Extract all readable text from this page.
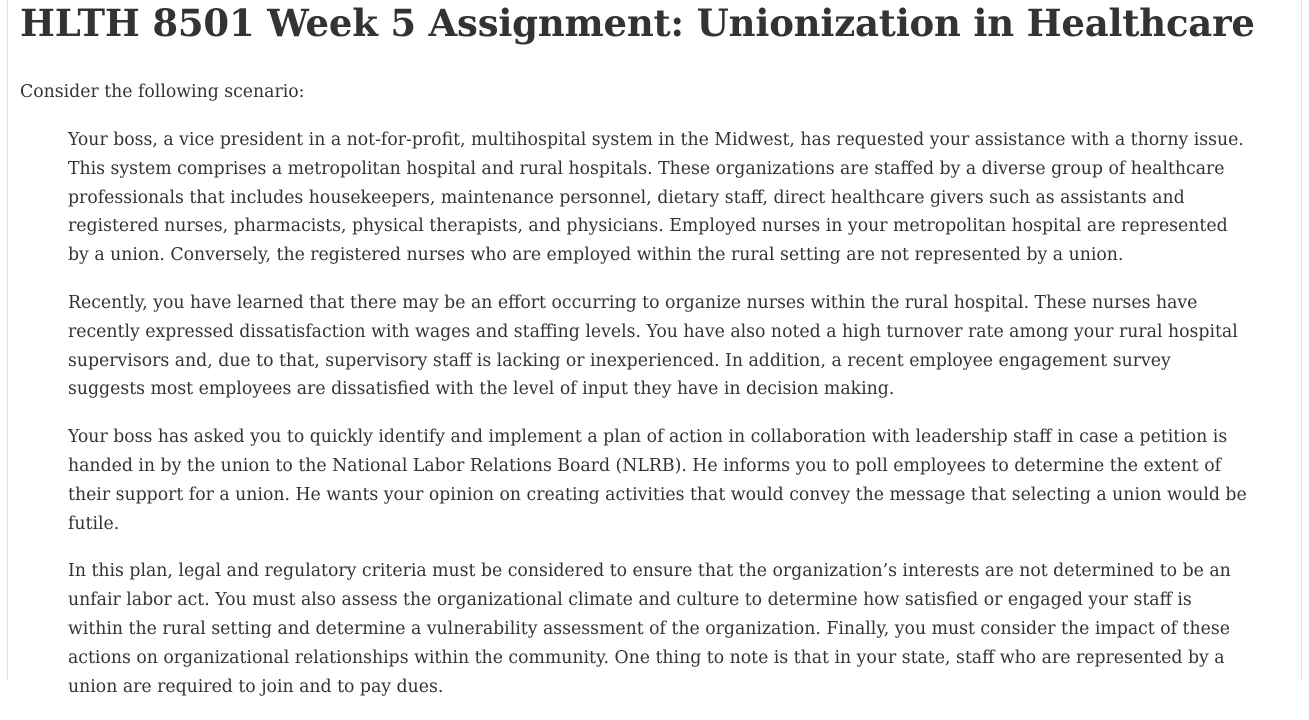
HLTH 8501 Week 5 Assignment: Unionization in Healthcare

Consider the following scenario:

Your boss, a vice president in a not-for-profit, multihospital system in the Midwest, has requested your assistance with a thorny issue. This system comprises a metropolitan hospital and rural hospitals. These organizations are staffed by a diverse group of healthcare professionals that includes housekeepers, maintenance personnel, dietary staff, direct healthcare givers such as assistants and registered nurses, pharmacists, physical therapists, and physicians. Employed nurses in your metropolitan hospital are represented by a union. Conversely, the registered nurses who are employed within the rural setting are not represented by a union.

Recently, you have learned that there may be an effort occurring to organize nurses within the rural hospital. These nurses have recently expressed dissatisfaction with wages and staffing levels. You have also noted a high turnover rate among your rural hospital supervisors and, due to that, supervisory staff is lacking or inexperienced. In addition, a recent employee engagement survey suggests most employees are dissatisfied with the level of input they have in decision making.

Your boss has asked you to quickly identify and implement a plan of action in collaboration with leadership staff in case a petition is handed in by the union to the National Labor Relations Board (NLRB). He informs you to poll employees to determine the extent of their support for a union. He wants your opinion on creating activities that would convey the message that selecting a union would be futile.

In this plan, legal and regulatory criteria must be considered to ensure that the organization’s interests are not determined to be an unfair labor act. You must also assess the organizational climate and culture to determine how satisfied or engaged your staff is within the rural setting and determine a vulnerability assessment of the organization. Finally, you must consider the impact of these actions on organizational relationships within the community. One thing to note is that in your state, staff who are represented by a union are required to join and to pay dues.
